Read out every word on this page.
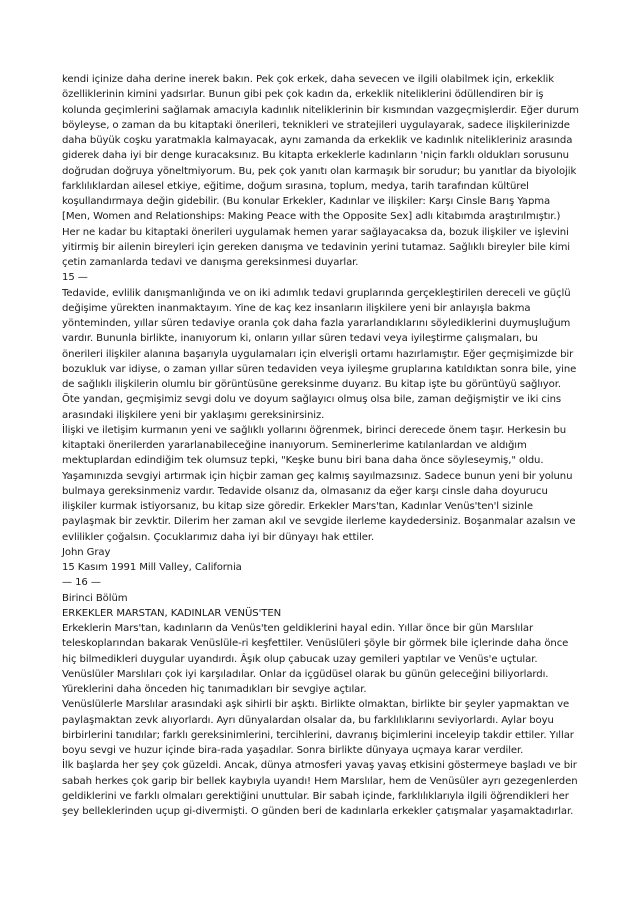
kendi içinize daha derine inerek bakın. Pek çok erkek, daha sevecen ve ilgili olabilmek için, erkeklik özelliklerinin kimini yadsırlar. Bunun gibi pek çok kadın da, erkeklik niteliklerini ödüllendiren bir iş kolunda geçimlerini sağlamak amacıyla kadınlık niteliklerinin bir kısmından vazgeçmişlerdir. Eğer durum böyleyse, o zaman da bu kitaptaki önerileri, teknikleri ve stratejileri uygulayarak, sadece ilişkilerinizde daha büyük coşku yaratmakla kalmayacak, aynı zamanda da erkeklik ve kadınlık nitelikleriniz arasında giderek daha iyi bir denge kuracaksınız. Bu kitapta erkeklerle kadınların 'niçin farklı oldukları sorusunu doğrudan doğruya yöneltmiyorum. Bu, pek çok yanıtı olan karmaşık bir sorudur; bu yanıtlar da biyolojik farklılıklardan ailesel etkiye, eğitime, doğum sırasına, toplum, medya, tarih tarafından kültürel koşullandırmaya değin gidebilir. (Bu konular Erkekler, Kadınlar ve ilişkiler: Karşı Cinsle Barış Yapma [Men, Women and Relationships: Making Peace with the Opposite Sex] adlı kitabımda araştırılmıştır.) Her ne kadar bu kitaptaki önerileri uygulamak hemen yarar sağlayacaksa da, bozuk ilişkiler ve işlevini yitirmiş bir ailenin bireyleri için gereken danışma ve tedavinin yerini tutamaz. Sağlıklı bireyler bile kimi çetin zamanlarda tedavi ve danışma gereksinmesi duyarlar.

15 —

Tedavide, evlilik danışmanlığında ve on iki adımlık tedavi gruplarında gerçekleştirilen dereceli ve güçlü değişime yürekten inanmaktayım. Yine de kaç kez insanların ilişkilere yeni bir anlayışla bakma yönteminden, yıllar süren tedaviye oranla çok daha fazla yararlandıklarını söylediklerini duymuşluğum vardır. Bununla birlikte, inanıyorum ki, onların yıllar süren tedavi veya iyileştirme çalışmaları, bu önerileri ilişkiler alanına başarıyla uygulamaları için elverişli ortamı hazırlamıştır. Eğer geçmişimizde bir bozukluk var idiyse, o zaman yıllar süren tedaviden veya iyileşme gruplarına katıldıktan sonra bile, yine de sağlıklı ilişkilerin olumlu bir görüntüsüne gereksinme duyarız. Bu kitap işte bu görüntüyü sağlıyor. Öte yandan, geçmişimiz sevgi dolu ve doyum sağlayıcı olmuş olsa bile, zaman değişmiştir ve iki cins arasındaki ilişkilere yeni bir yaklaşımı gereksinirsiniz.

İlişki ve iletişim kurmanın yeni ve sağlıklı yollarını öğrenmek, birinci derecede önem taşır. Herkesin bu kitaptaki önerilerden yararlanabileceğine inanıyorum. Seminerlerime katılanlardan ve aldığım mektuplardan edindiğim tek olumsuz tepki, "Keşke bunu biri bana daha önce söyleseymiş," oldu. Yaşamınızda sevgiyi artırmak için hiçbir zaman geç kalmış sayılmazsınız. Sadece bunun yeni bir yolunu bulmaya gereksinmeniz vardır. Tedavide olsanız da, olmasanız da eğer karşı cinsle daha doyurucu ilişkiler kurmak istiyorsanız, bu kitap size göredir. Erkekler Mars'tan, Kadınlar Venüs'ten'l sizinle paylaşmak bir zevktir. Dilerim her zaman akıl ve sevgide ilerleme kaydedersiniz. Boşanmalar azalsın ve evlilikler çoğalsın. Çocuklarımız daha iyi bir dünyayı hak ettiler.

John Gray

15 Kasım 1991 Mill Valley, California

— 16 —

Birinci Bölüm

ERKEKLER MARSTAN, KADINLAR VENÜS'TEN

Erkeklerin Mars'tan, kadınların da Venüs'ten geldiklerini hayal edin. Yıllar önce bir gün Marslılar teleskoplarından bakarak Venüslüle-ri keşfettiler. Venüslüleri şöyle bir görmek bile içlerinde daha önce hiç bilmedikleri duygular uyandırdı. Âşık olup çabucak uzay gemileri yaptılar ve Venüs'e uçtular.

Venüslüler Marslıları çok iyi karşıladılar. Onlar da içgüdüsel olarak bu günün geleceğini biliyorlardı. Yüreklerini daha önceden hiç tanımadıkları bir sevgiye açtılar.

Venüslülerle Marslılar arasındaki aşk sihirli bir aşktı. Birlikte olmaktan, birlikte bir şeyler yapmaktan ve paylaşmaktan zevk alıyorlardı. Ayrı dünyalardan olsalar da, bu farklılıklarını seviyorlardı. Aylar boyu birbirlerini tanıdılar; farklı gereksinimlerini, tercihlerini, davranış biçimlerini inceleyip takdir ettiler. Yıllar boyu sevgi ve huzur içinde bira-rada yaşadılar. Sonra birlikte dünyaya uçmaya karar verdiler.

İlk başlarda her şey çok güzeldi. Ancak, dünya atmosferi yavaş yavaş etkisini göstermeye başladı ve bir sabah herkes çok garip bir bellek kaybıyla uyandı! Hem Marslılar, hem de Venüsüler ayrı gezegenlerden geldiklerini ve farklı olmaları gerektiğini unuttular. Bir sabah içinde, farklılıklarıyla ilgili öğrendikleri her şey belleklerinden uçup gi-divermişti. O günden beri de kadınlarla erkekler çatışmalar yaşamaktadırlar.
